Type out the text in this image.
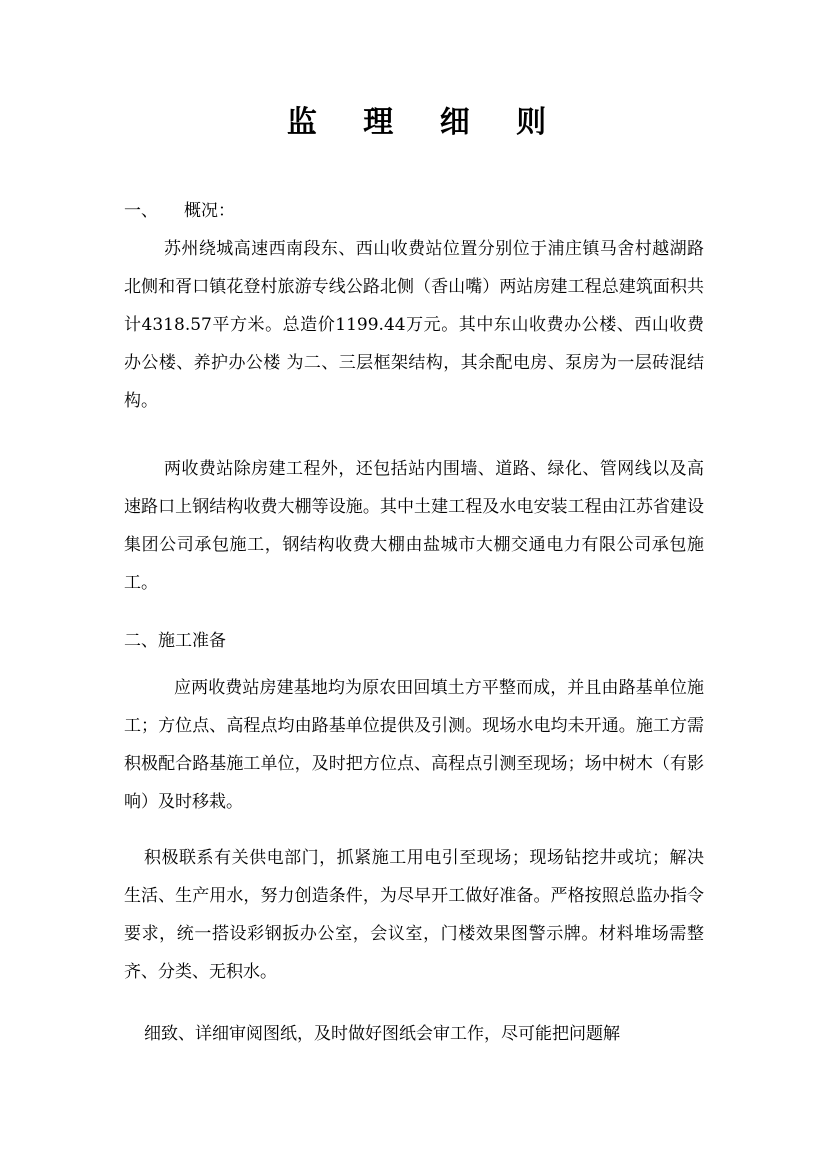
监 理 细 则
一、 概况：
苏州绕城高速西南段东、西山收费站位置分别位于浦庄镇马舍村越湖路北侧和胥口镇花登村旅游专线公路北侧（香山嘴）两站房建工程总建筑面积共计4318.57平方米。总造价1199.44万元。其中东山收费办公楼、西山收费办公楼、养护办公楼 为二、三层框架结构，其余配电房、泵房为一层砖混结构。
两收费站除房建工程外，还包括站内围墙、道路、绿化、管网线以及高速路口上钢结构收费大棚等设施。其中土建工程及水电安装工程由江苏省建设集团公司承包施工，钢结构收费大棚由盐城市大棚交通电力有限公司承包施工。
二、施工准备
应两收费站房建基地均为原农田回填土方平整而成，并且由路基单位施工；方位点、高程点均由路基单位提供及引测。现场水电均未开通。施工方需积极配合路基施工单位，及时把方位点、高程点引测至现场；场中树木（有影响）及时移栽。
积极联系有关供电部门，抓紧施工用电引至现场；现场钻挖井或坑；解决生活、生产用水，努力创造条件，为尽早开工做好准备。严格按照总监办指令要求，统一搭设彩钢扳办公室，会议室，门楼效果图警示牌。材料堆场需整齐、分类、无积水。
细致、详细审阅图纸，及时做好图纸会审工作，尽可能把问题解
